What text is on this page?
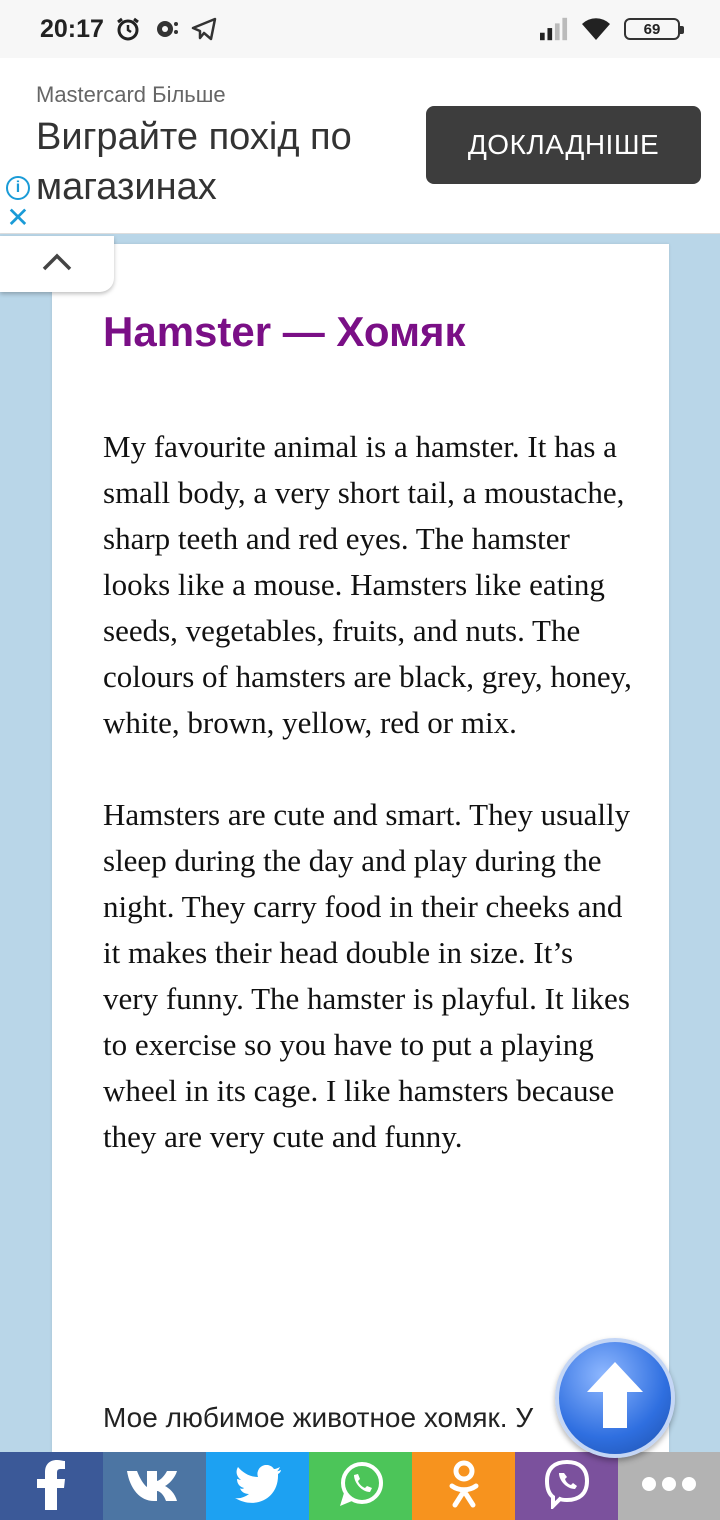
20:17	69
Mastercard Більше
Виграйте похід по магазинах
ДОКЛАДНІШЕ
i
✕
Hamster — Хомяк

My favourite animal is a hamster. It has a small body, a very short tail, a moustache, sharp teeth and red eyes. The hamster looks like a mouse. Hamsters like eating seeds, vegetables, fruits, and nuts. The colours of hamsters are black, grey, honey, white, brown, yellow, red or mix.

Hamsters are cute and smart. They usually sleep during the day and play during the night. They carry food in their cheeks and it makes their head double in size. It’s very funny. The hamster is playful. It likes to exercise so you have to put a playing wheel in its cage. I like hamsters because they are very cute and funny.

Мое любимое животное хомяк. У
